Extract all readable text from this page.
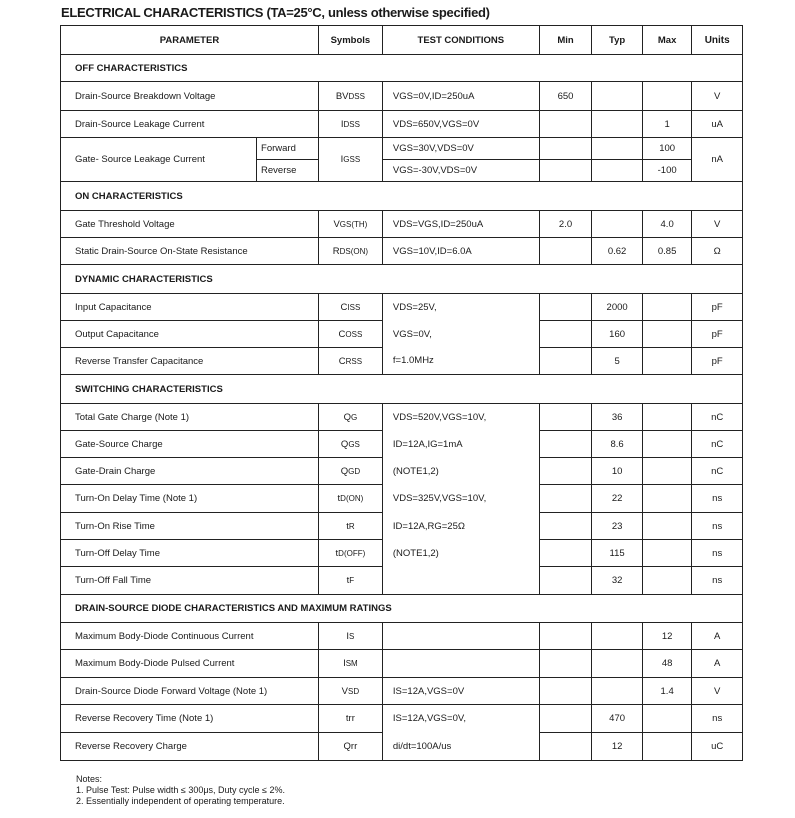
ELECTRICAL CHARACTERISTICS (TA=25°C, unless otherwise specified)
PARAMETER		Symbols	TEST CONDITIONS	Min	Typ	Max	Units
OFF CHARACTERISTICS							
Drain-Source Breakdown Voltage		BVDSS	VGS=0V,ID=250uA	650			V
Drain-Source Leakage Current		IDSS	VDS=650V,VGS=0V			1	uA
Gate- Source Leakage Current	Forward	IGSS	VGS=30V,VDS=0V			100	nA
	Reverse		VGS=-30V,VDS=0V			-100	
ON CHARACTERISTICS							
Gate Threshold Voltage		VGS(TH)	VDS=VGS,ID=250uA	2.0		4.0	V
Static Drain-Source On-State Resistance		RDS(ON)	VGS=10V,ID=6.0A		0.62	0.85	Ω
DYNAMIC CHARACTERISTICS							
Input Capacitance		CISS	VDS=25V,		2000		pF
Output Capacitance		COSS	VGS=0V,		160		pF
Reverse Transfer Capacitance		CRSS	f=1.0MHz		5		pF
SWITCHING CHARACTERISTICS							
Total Gate Charge (Note 1)		QG	VDS=520V,VGS=10V,		36		nC
Gate-Source Charge		QGS	ID=12A,IG=1mA		8.6		nC
Gate-Drain Charge		QGD	(NOTE1,2)		10		nC
Turn-On Delay Time (Note 1)		tD(ON)	VDS=325V,VGS=10V,		22		ns
Turn-On Rise Time		tR	ID=12A,RG=25Ω		23		ns
Turn-Off Delay Time		tD(OFF)	(NOTE1,2)		115		ns
Turn-Off Fall Time		tF			32		ns
DRAIN-SOURCE DIODE CHARACTERISTICS AND MAXIMUM RATINGS							
Maximum Body-Diode Continuous Current		IS				12	A
Maximum Body-Diode Pulsed Current		ISM				48	A
Drain-Source Diode Forward Voltage (Note 1)		VSD	IS=12A,VGS=0V			1.4	V
Reverse Recovery Time (Note 1)		trr	IS=12A,VGS=0V,		470		ns
Reverse Recovery Charge		Qrr	di/dt=100A/us		12		uC
Notes:
1. Pulse Test: Pulse width ≤ 300μs, Duty cycle ≤ 2%.
2. Essentially independent of operating temperature.
